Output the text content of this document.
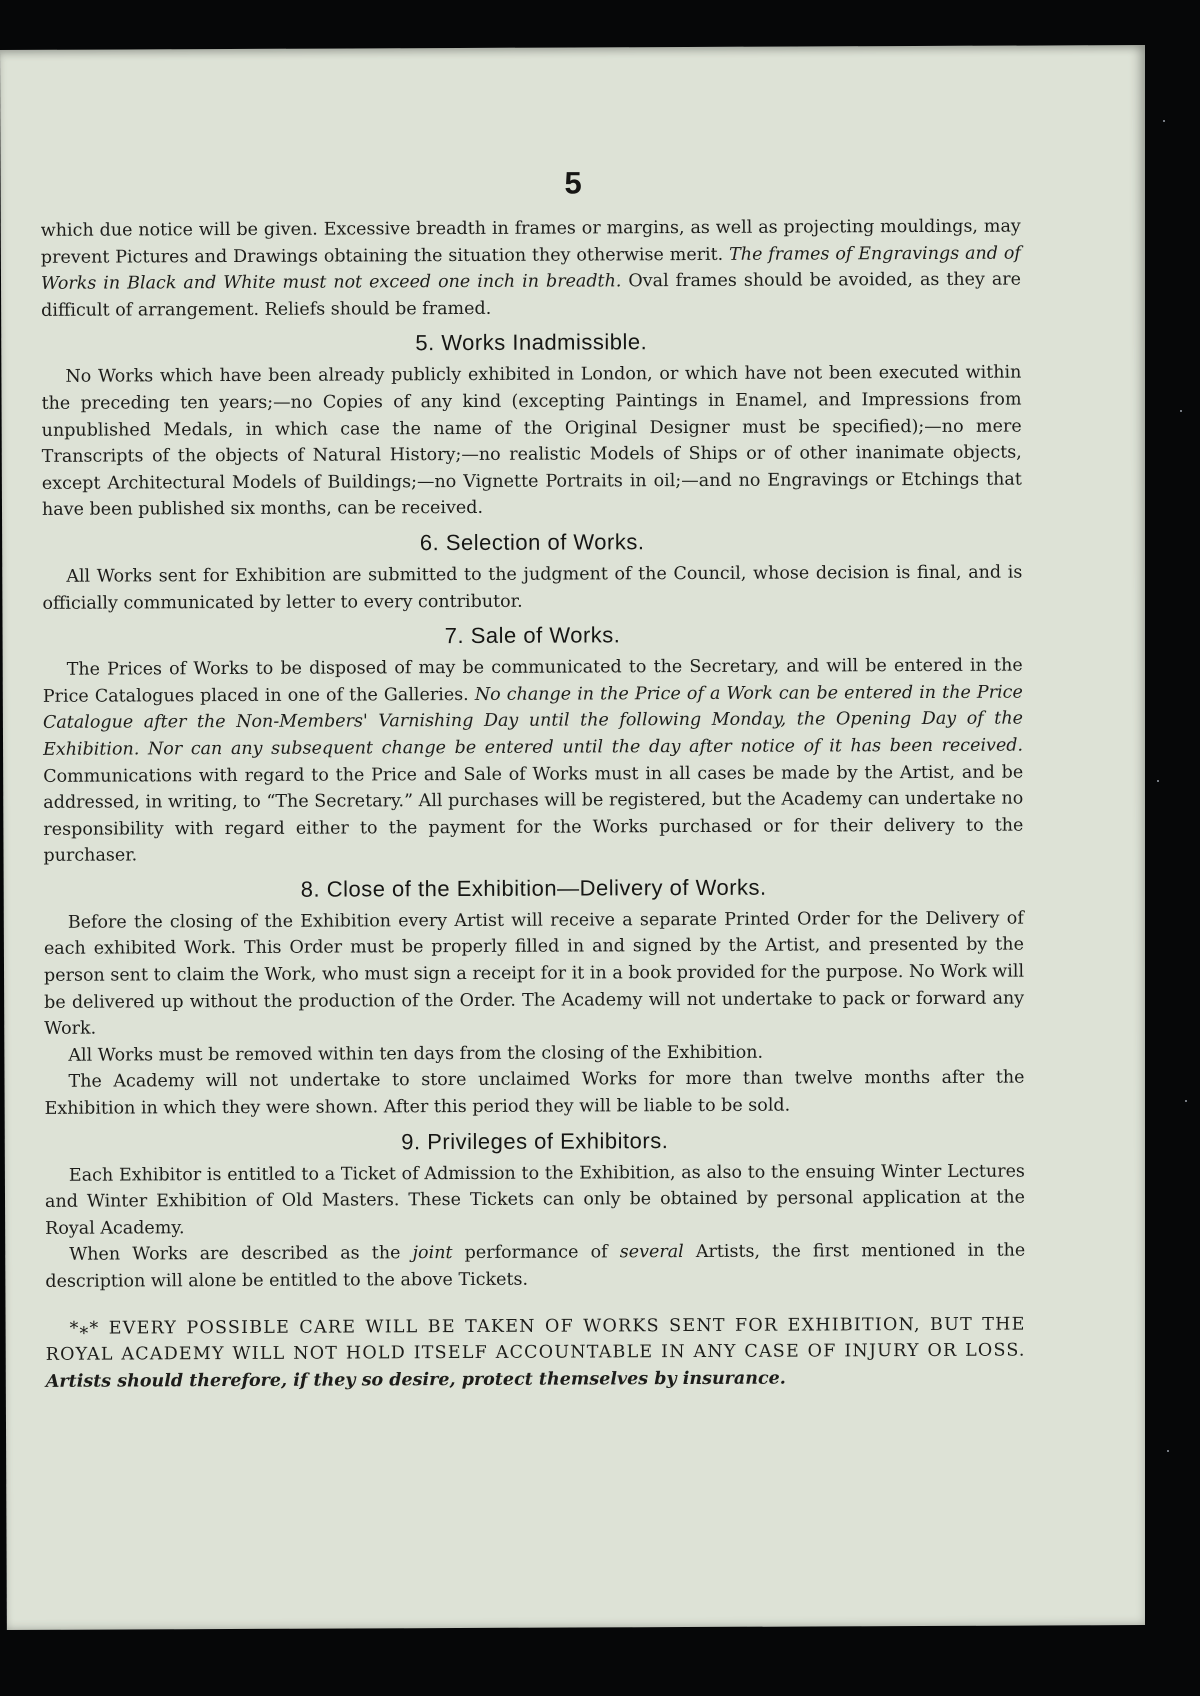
5

which due notice will be given. Excessive breadth in frames or margins, as well as projecting mouldings, may prevent Pictures and Drawings obtaining the situation they otherwise merit. The frames of Engravings and of Works in Black and White must not exceed one inch in breadth. Oval frames should be avoided, as they are difficult of arrangement. Reliefs should be framed.

5. Works Inadmissible.

No Works which have been already publicly exhibited in London, or which have not been executed within the preceding ten years;—no Copies of any kind (excepting Paintings in Enamel, and Impressions from unpublished Medals, in which case the name of the Original Designer must be specified);—no mere Transcripts of the objects of Natural History;—no realistic Models of Ships or of other inanimate objects, except Architectural Models of Buildings;—no Vignette Portraits in oil;—and no Engravings or Etchings that have been published six months, can be received.

6. Selection of Works.

All Works sent for Exhibition are submitted to the judgment of the Council, whose decision is final, and is officially communicated by letter to every contributor.

7. Sale of Works.

The Prices of Works to be disposed of may be communicated to the Secretary, and will be entered in the Price Catalogues placed in one of the Galleries. No change in the Price of a Work can be entered in the Price Catalogue after the Non-Members' Varnishing Day until the following Monday, the Opening Day of the Exhibition. Nor can any subsequent change be entered until the day after notice of it has been received. Communications with regard to the Price and Sale of Works must in all cases be made by the Artist, and be addressed, in writing, to “The Secretary.” All purchases will be registered, but the Academy can undertake no responsibility with regard either to the payment for the Works purchased or for their delivery to the purchaser.

8. Close of the Exhibition—Delivery of Works.

Before the closing of the Exhibition every Artist will receive a separate Printed Order for the Delivery of each exhibited Work. This Order must be properly filled in and signed by the Artist, and presented by the person sent to claim the Work, who must sign a receipt for it in a book provided for the purpose. No Work will be delivered up without the production of the Order. The Academy will not undertake to pack or forward any Work.

All Works must be removed within ten days from the closing of the Exhibition.

The Academy will not undertake to store unclaimed Works for more than twelve months after the Exhibition in which they were shown. After this period they will be liable to be sold.

9. Privileges of Exhibitors.

Each Exhibitor is entitled to a Ticket of Admission to the Exhibition, as also to the ensuing Winter Lectures and Winter Exhibition of Old Masters. These Tickets can only be obtained by personal application at the Royal Academy.

When Works are described as the joint performance of several Artists, the first mentioned in the description will alone be entitled to the above Tickets.

*⁎* EVERY POSSIBLE CARE WILL BE TAKEN OF WORKS SENT FOR EXHIBITION, BUT THE ROYAL ACADEMY WILL NOT HOLD ITSELF ACCOUNTABLE IN ANY CASE OF INJURY OR LOSS. Artists should therefore, if they so desire, protect themselves by insurance.
